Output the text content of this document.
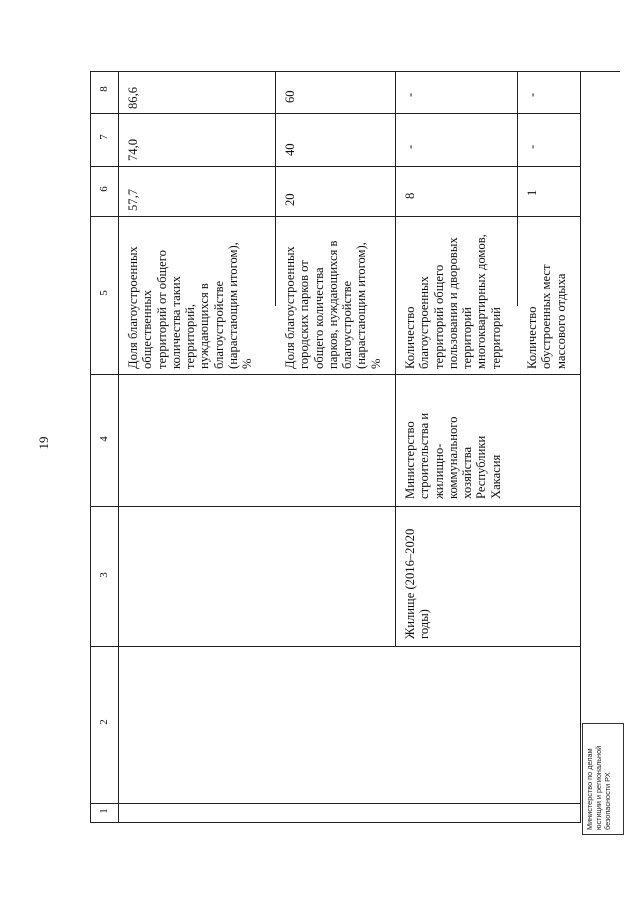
19
8
7
6
5
4
3
2
1
Доля благоустроенных
общественных
территорий от общего
количества таких
территорий,
нуждающихся в
благоустройстве
(нарастающим итогом),
%
57,7
74,0
86,6
Доля благоустроенных
городских парков от
общего количества
парков, нуждающихся в
благоустройстве
(нарастающим итогом),
%
20
40
60
Жилище (2016–2020
годы)
Министерство
строительства и
жилищно-
коммунального
хозяйства
Республики
Хакасия
Количество
благоустроенных
территорий общего
пользования и дворовых
территорий
многоквартирных домов,
территорий
8
-
-
Количество
обустроенных мест
массового отдыха
1
-
-
Министерство по делам
юстиции и региональной
безопасности РХ
